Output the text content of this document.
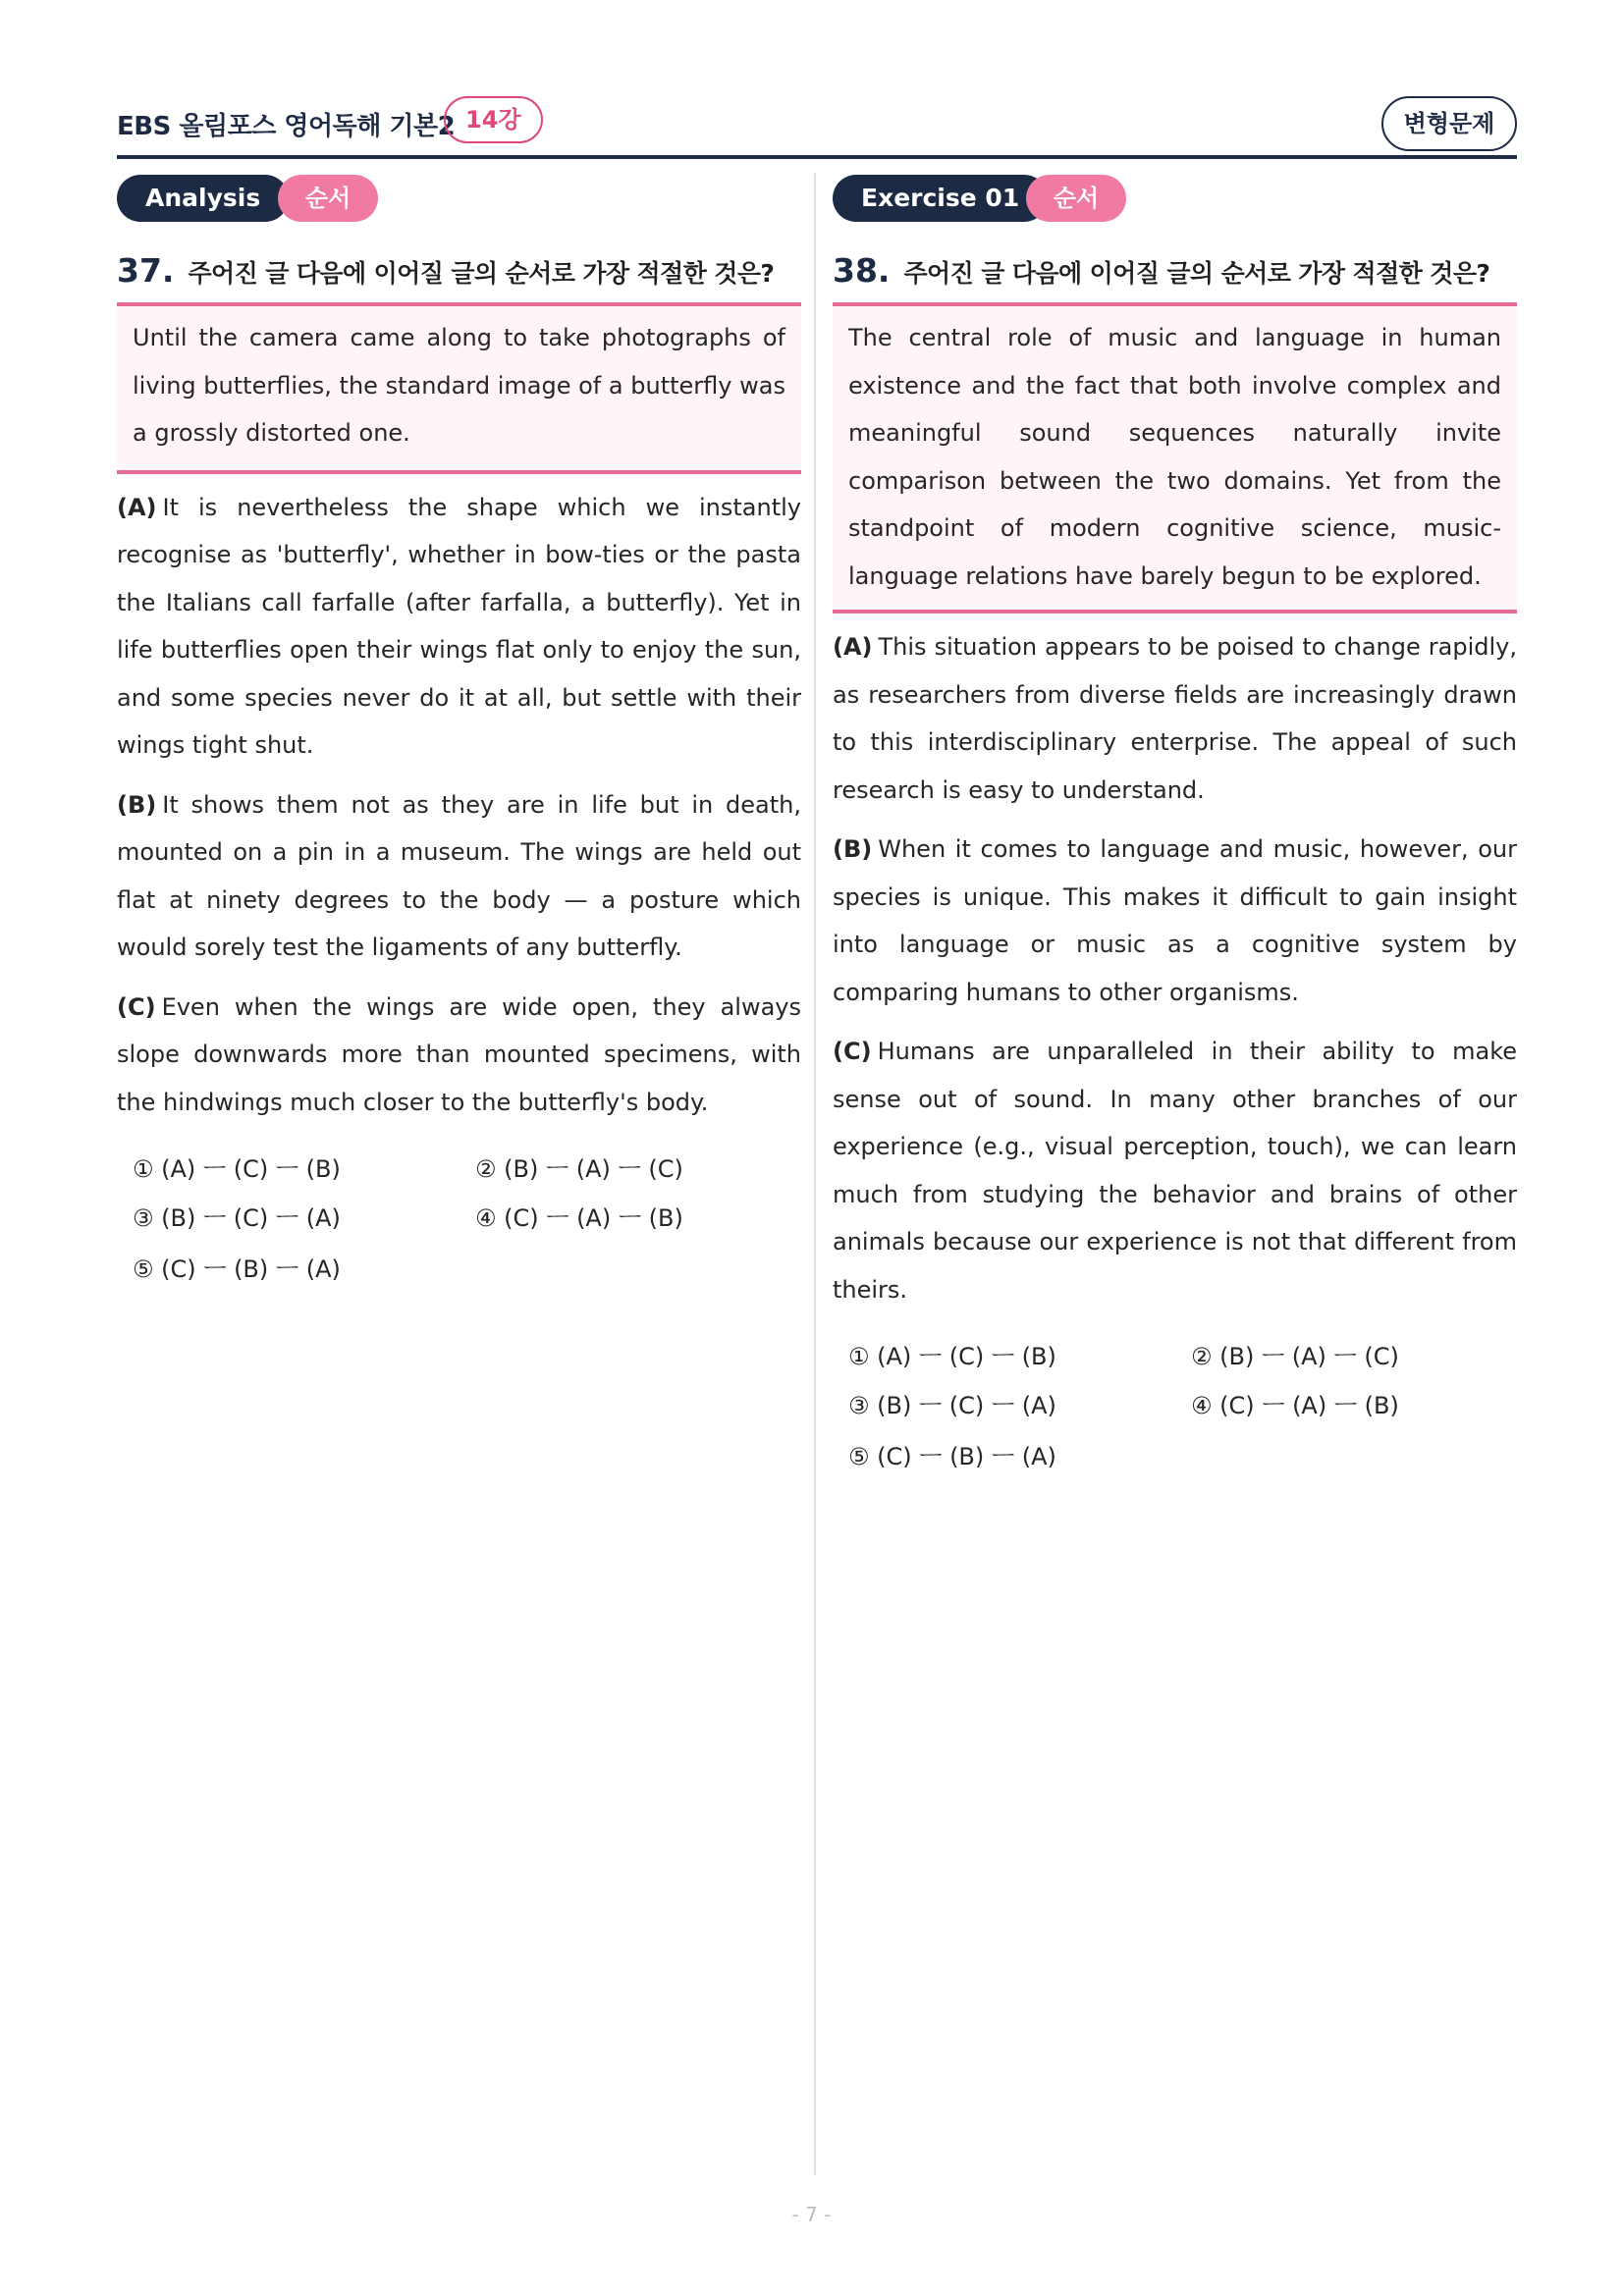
EBS 올림포스 영어독해 기본2 14강	변형문제
Analysis	순서
37. 주어진 글 다음에 이어질 글의 순서로 가장 적절한 것은?
Until the camera came along to take photographs of living butterflies, the standard image of a butterfly was a grossly distorted one.
(A) It is nevertheless the shape which we instantly recognise as 'butterfly', whether in bow-ties or the pasta the Italians call farfalle (after farfalla, a butterfly). Yet in life butterflies open their wings flat only to enjoy the sun, and some species never do it at all, but settle with their wings tight shut.
(B) It shows them not as they are in life but in death, mounted on a pin in a museum. The wings are held out flat at ninety degrees to the body — a posture which would sorely test the ligaments of any butterfly.
(C) Even when the wings are wide open, they always slope downwards more than mounted specimens, with the hindwings much closer to the butterfly's body.
① (A) ㅡ (C) ㅡ (B)	② (B) ㅡ (A) ㅡ (C)
③ (B) ㅡ (C) ㅡ (A)	④ (C) ㅡ (A) ㅡ (B)
⑤ (C) ㅡ (B) ㅡ (A)
Exercise 01	순서
38. 주어진 글 다음에 이어질 글의 순서로 가장 적절한 것은?
The central role of music and language in human existence and the fact that both involve complex and meaningful sound sequences naturally invite comparison between the two domains. Yet from the standpoint of modern cognitive science, music-language relations have barely begun to be explored.
(A) This situation appears to be poised to change rapidly, as researchers from diverse fields are increasingly drawn to this interdisciplinary enterprise. The appeal of such research is easy to understand.
(B) When it comes to language and music, however, our species is unique. This makes it difficult to gain insight into language or music as a cognitive system by comparing humans to other organisms.
(C) Humans are unparalleled in their ability to make sense out of sound. In many other branches of our experience (e.g., visual perception, touch), we can learn much from studying the behavior and brains of other animals because our experience is not that different from theirs.
① (A) ㅡ (C) ㅡ (B)	② (B) ㅡ (A) ㅡ (C)
③ (B) ㅡ (C) ㅡ (A)	④ (C) ㅡ (A) ㅡ (B)
⑤ (C) ㅡ (B) ㅡ (A)
- 7 -
